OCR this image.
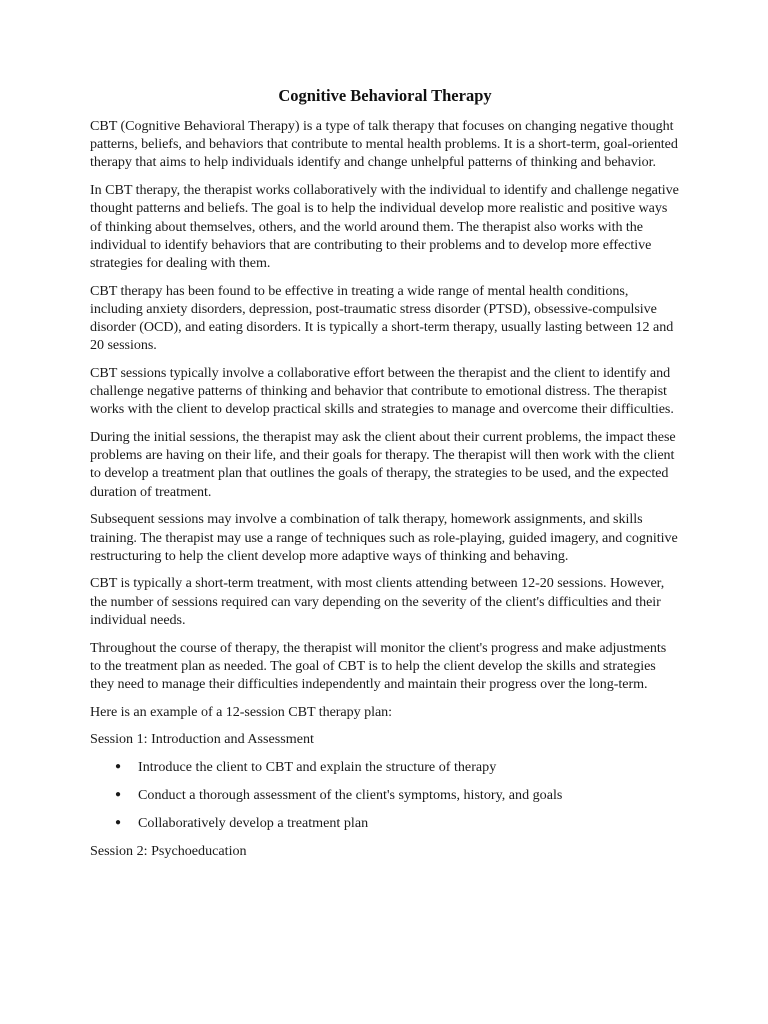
Cognitive Behavioral Therapy

CBT (Cognitive Behavioral Therapy) is a type of talk therapy that focuses on changing negative thought patterns, beliefs, and behaviors that contribute to mental health problems. It is a short-term, goal-oriented therapy that aims to help individuals identify and change unhelpful patterns of thinking and behavior.

In CBT therapy, the therapist works collaboratively with the individual to identify and challenge negative thought patterns and beliefs. The goal is to help the individual develop more realistic and positive ways of thinking about themselves, others, and the world around them. The therapist also works with the individual to identify behaviors that are contributing to their problems and to develop more effective strategies for dealing with them.

CBT therapy has been found to be effective in treating a wide range of mental health conditions, including anxiety disorders, depression, post-traumatic stress disorder (PTSD), obsessive-compulsive disorder (OCD), and eating disorders. It is typically a short-term therapy, usually lasting between 12 and 20 sessions.

CBT sessions typically involve a collaborative effort between the therapist and the client to identify and challenge negative patterns of thinking and behavior that contribute to emotional distress. The therapist works with the client to develop practical skills and strategies to manage and overcome their difficulties.

During the initial sessions, the therapist may ask the client about their current problems, the impact these problems are having on their life, and their goals for therapy. The therapist will then work with the client to develop a treatment plan that outlines the goals of therapy, the strategies to be used, and the expected duration of treatment.

Subsequent sessions may involve a combination of talk therapy, homework assignments, and skills training. The therapist may use a range of techniques such as role-playing, guided imagery, and cognitive restructuring to help the client develop more adaptive ways of thinking and behaving.

CBT is typically a short-term treatment, with most clients attending between 12-20 sessions. However, the number of sessions required can vary depending on the severity of the client's difficulties and their individual needs.

Throughout the course of therapy, the therapist will monitor the client's progress and make adjustments to the treatment plan as needed. The goal of CBT is to help the client develop the skills and strategies they need to manage their difficulties independently and maintain their progress over the long-term.

Here is an example of a 12-session CBT therapy plan:

Session 1: Introduction and Assessment

● Introduce the client to CBT and explain the structure of therapy
● Conduct a thorough assessment of the client's symptoms, history, and goals
● Collaboratively develop a treatment plan

Session 2: Psychoeducation
